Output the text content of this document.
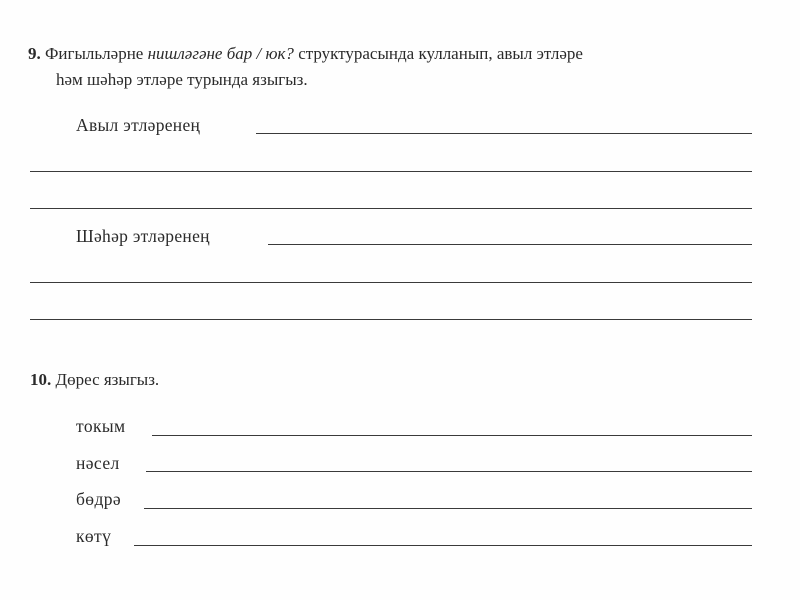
9. Фигыльләрне нишләгәне бар / юк? структурасында кулланып, авыл этләре
һәм шәһәр этләре турында языгыз.
Авыл этләренең
Шәһәр этләренең
10. Дөрес языгыз.
токым
нәсел
бөдрә
көтү
